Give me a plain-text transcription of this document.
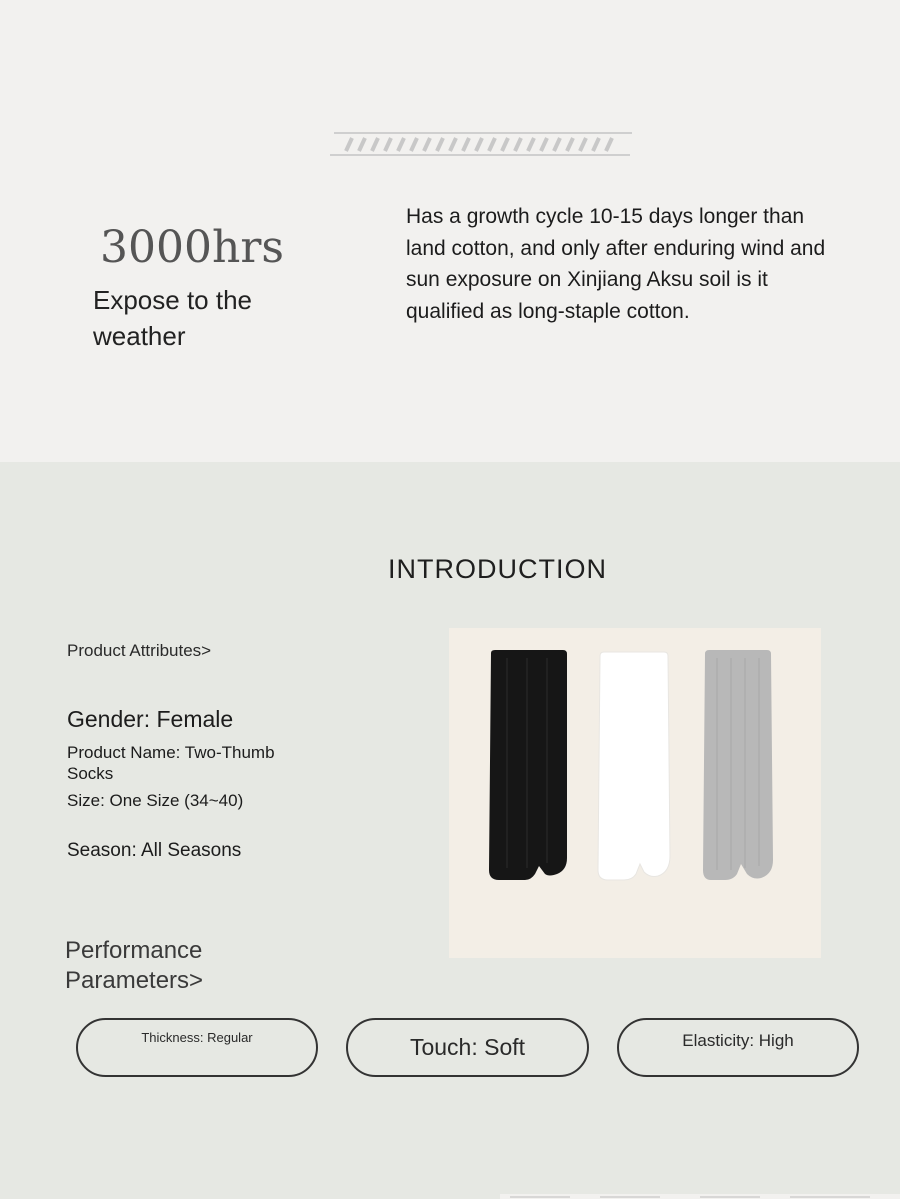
3000hrs
Expose to the weather
Has a growth cycle 10-15 days longer than land cotton, and only after enduring wind and sun exposure on Xinjiang Aksu soil is it qualified as long-staple cotton.
INTRODUCTION
Product Attributes>
Gender: Female
Product Name: Two-Thumb Socks
Size: One Size (34~40)
Season: All Seasons
Performance Parameters>
Thickness: Regular	Touch: Soft	Elasticity: High
